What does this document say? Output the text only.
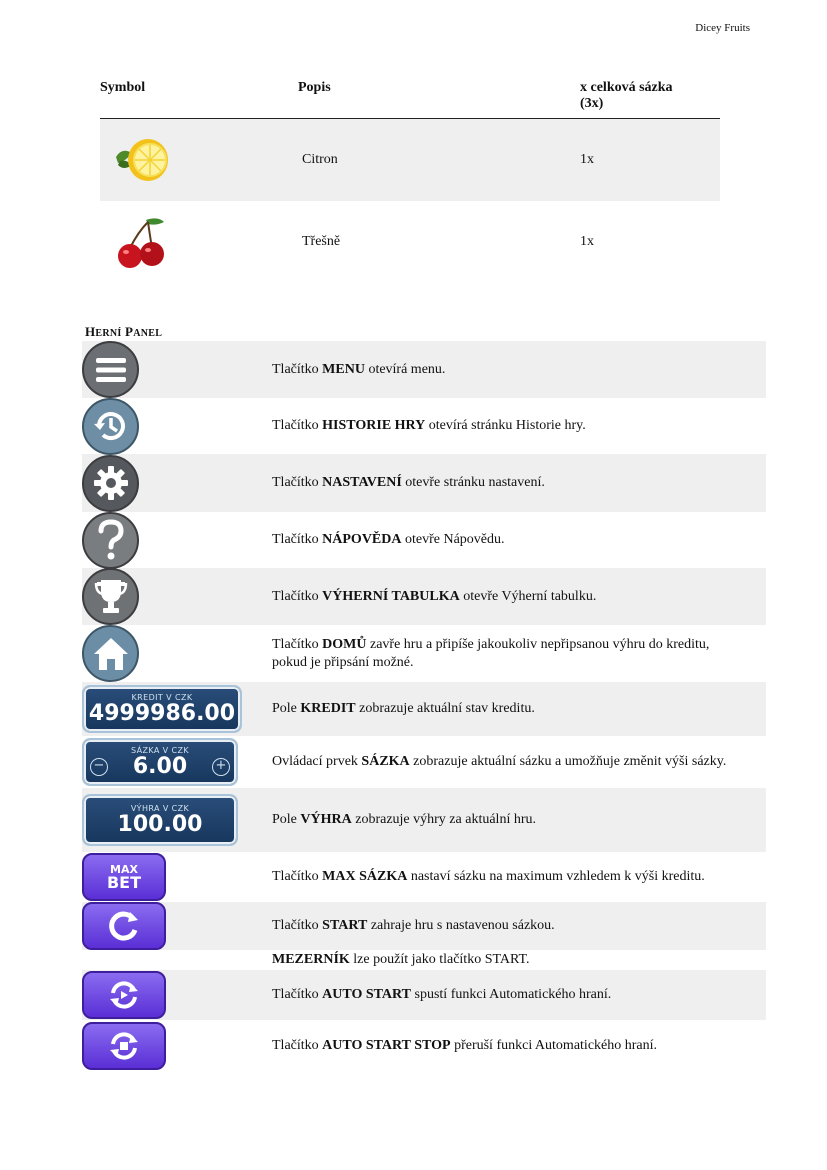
Dicey Fruits
Symbol	Popis	x celková sázka
(3x)
Citron	1x
Třešně	1x
HERNÍ PANEL
Tlačítko MENU otevírá menu.
Tlačítko HISTORIE HRY otevírá stránku Historie hry.
Tlačítko NASTAVENÍ otevře stránku nastavení.
Tlačítko NÁPOVĚDA otevře Nápovědu.
Tlačítko VÝHERNÍ TABULKA otevře Výherní tabulku.
Tlačítko DOMŮ zavře hru a připíše jakoukoliv nepřipsanou výhru do kreditu, pokud je připsání možné.
KREDIT V CZK
4999986.00	Pole KREDIT zobrazuje aktuální stav kreditu.
SÁZKA V CZK
6.00
−	+	Ovládací prvek SÁZKA zobrazuje aktuální sázku a umožňuje změnit výši sázky.
VÝHRA V CZK
100.00	Pole VÝHRA zobrazuje výhry za aktuální hru.
MAX
BET	Tlačítko MAX SÁZKA nastaví sázku na maximum vzhledem k výši kreditu.
Tlačítko START zahraje hru s nastavenou sázkou.
MEZERNÍK lze použít jako tlačítko START.
Tlačítko AUTO START spustí funkci Automatického hraní.
Tlačítko AUTO START STOP přeruší funkci Automatického hraní.
